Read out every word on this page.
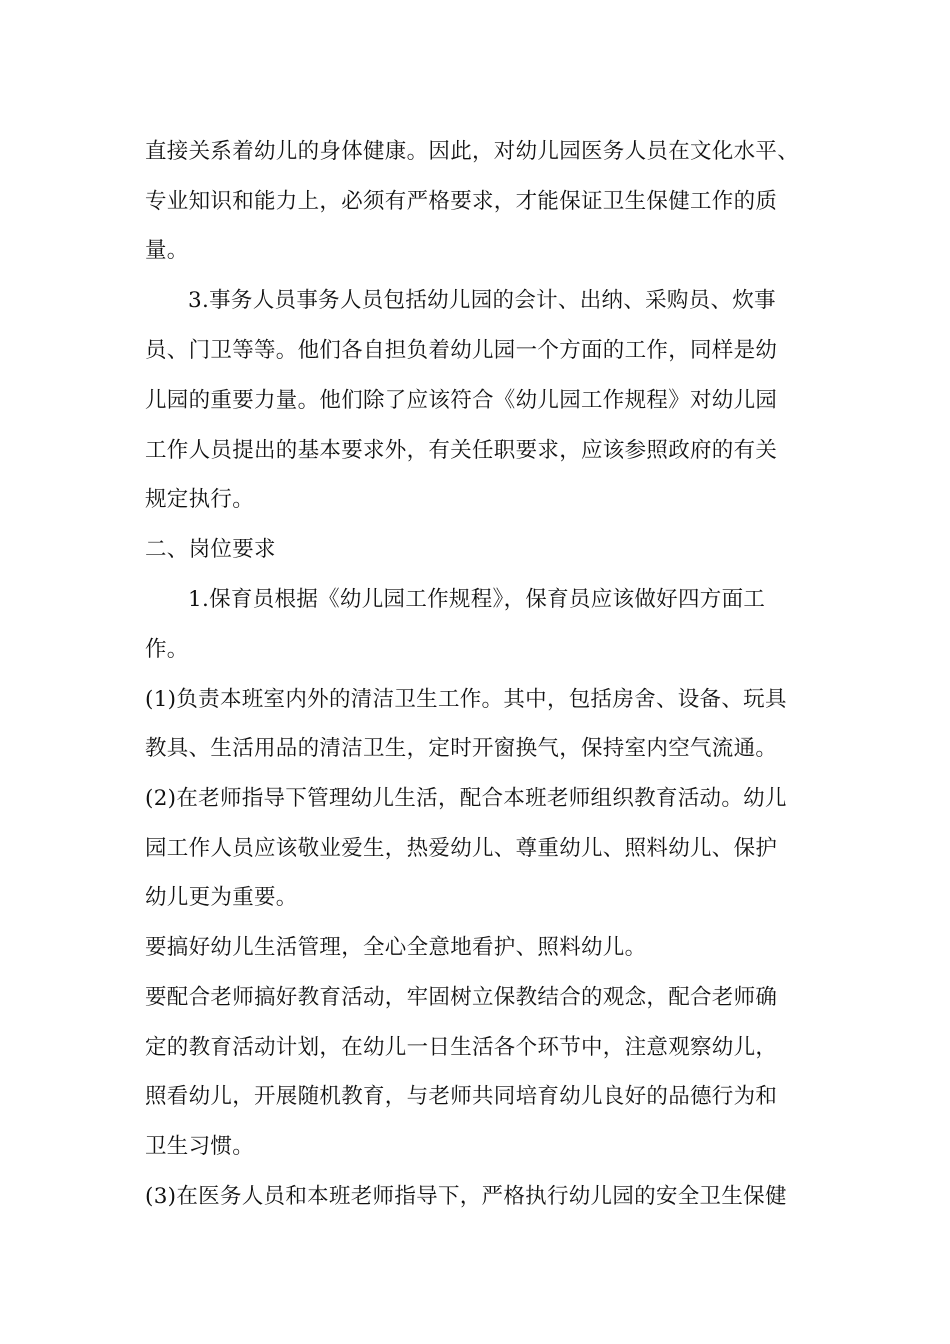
直接关系着幼儿的身体健康。因此，对幼儿园医务人员在文化水平、
专业知识和能力上，必须有严格要求，才能保证卫生保健工作的质
量。
3.事务人员事务人员包括幼儿园的会计、出纳、采购员、炊事
员、门卫等等。他们各自担负着幼儿园一个方面的工作，同样是幼
儿园的重要力量。他们除了应该符合《幼儿园工作规程》对幼儿园
工作人员提出的基本要求外，有关任职要求，应该参照政府的有关
规定执行。
二、岗位要求
1.保育员根据《幼儿园工作规程》，保育员应该做好四方面工
作。
(1)负责本班室内外的清洁卫生工作。其中，包括房舍、设备、玩具
教具、生活用品的清洁卫生，定时开窗换气，保持室内空气流通。
(2)在老师指导下管理幼儿生活，配合本班老师组织教育活动。幼儿
园工作人员应该敬业爱生，热爱幼儿、尊重幼儿、照料幼儿、保护
幼儿更为重要。
要搞好幼儿生活管理，全心全意地看护、照料幼儿。
要配合老师搞好教育活动，牢固树立保教结合的观念，配合老师确
定的教育活动计划，在幼儿一日生活各个环节中，注意观察幼儿，
照看幼儿，开展随机教育，与老师共同培育幼儿良好的品德行为和
卫生习惯。
(3)在医务人员和本班老师指导下，严格执行幼儿园的安全卫生保健
